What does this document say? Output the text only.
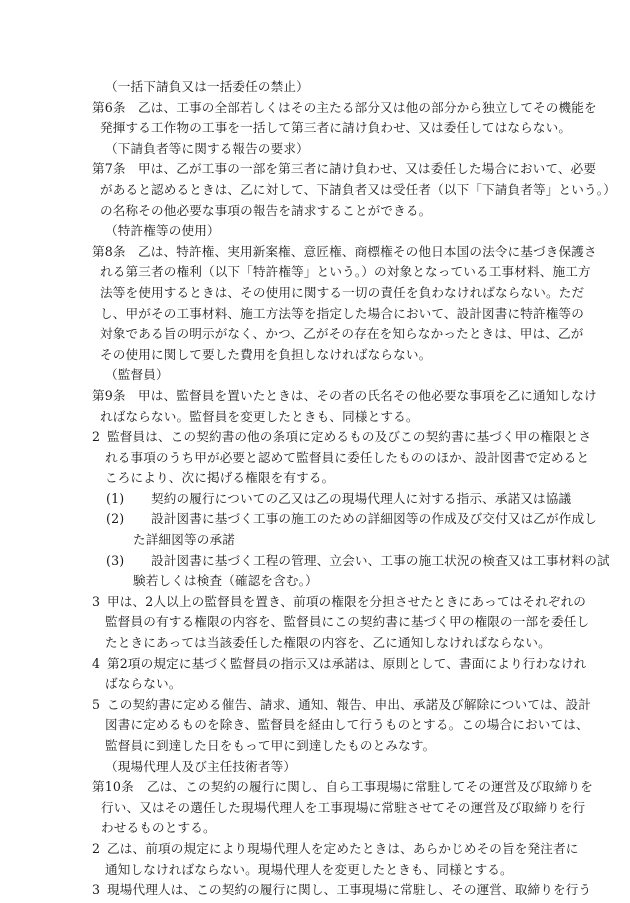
（一括下請負又は一括委任の禁止）
第6条 乙は、工事の全部若しくはその主たる部分又は他の部分から独立してその機能を
発揮する工作物の工事を一括して第三者に請け負わせ、又は委任してはならない。
（下請負者等に関する報告の要求）
第7条 甲は、乙が工事の一部を第三者に請け負わせ、又は委任した場合において、必要
があると認めるときは、乙に対して、下請負者又は受任者（以下「下請負者等」という。）
の名称その他必要な事項の報告を請求することができる。
（特許権等の使用）
第8条 乙は、特許権、実用新案権、意匠権、商標権その他日本国の法令に基づき保護さ
れる第三者の権利（以下「特許権等」という。）の対象となっている工事材料、施工方
法等を使用するときは、その使用に関する一切の責任を負わなければならない。ただ
し、甲がその工事材料、施工方法等を指定した場合において、設計図書に特許権等の
対象である旨の明示がなく、かつ、乙がその存在を知らなかったときは、甲は、乙が
その使用に関して要した費用を負担しなければならない。
（監督員）
第9条 甲は、監督員を置いたときは、その者の氏名その他必要な事項を乙に通知しなけ
ればならない。監督員を変更したときも、同様とする。
2 監督員は、この契約書の他の条項に定めるもの及びこの契約書に基づく甲の権限とさ
れる事項のうち甲が必要と認めて監督員に委任したもののほか、設計図書で定めると
ころにより、次に掲げる権限を有する。
(1)	契約の履行についての乙又は乙の現場代理人に対する指示、承諾又は協議
(2)	設計図書に基づく工事の施工のための詳細図等の作成及び交付又は乙が作成し
た詳細図等の承諾
(3)	設計図書に基づく工程の管理、立会い、工事の施工状況の検査又は工事材料の試
験若しくは検査（確認を含む。）
3 甲は、2人以上の監督員を置き、前項の権限を分担させたときにあってはそれぞれの
監督員の有する権限の内容を、監督員にこの契約書に基づく甲の権限の一部を委任し
たときにあっては当該委任した権限の内容を、乙に通知しなければならない。
4 第2項の規定に基づく監督員の指示又は承諾は、原則として、書面により行わなけれ
ばならない。
5 この契約書に定める催告、請求、通知、報告、申出、承諾及び解除については、設計
図書に定めるものを除き、監督員を経由して行うものとする。この場合においては、
監督員に到達した日をもって甲に到達したものとみなす。
（現場代理人及び主任技術者等）
第10条	乙は、この契約の履行に関し、自ら工事現場に常駐してその運営及び取締りを
行い、又はその選任した現場代理人を工事現場に常駐させてその運営及び取締りを行
わせるものとする。
2 乙は、前項の規定により現場代理人を定めたときは、あらかじめその旨を発注者に
通知しなければならない。現場代理人を変更したときも、同様とする。
3 現場代理人は、この契約の履行に関し、工事現場に常駐し、その運営、取締りを行う
